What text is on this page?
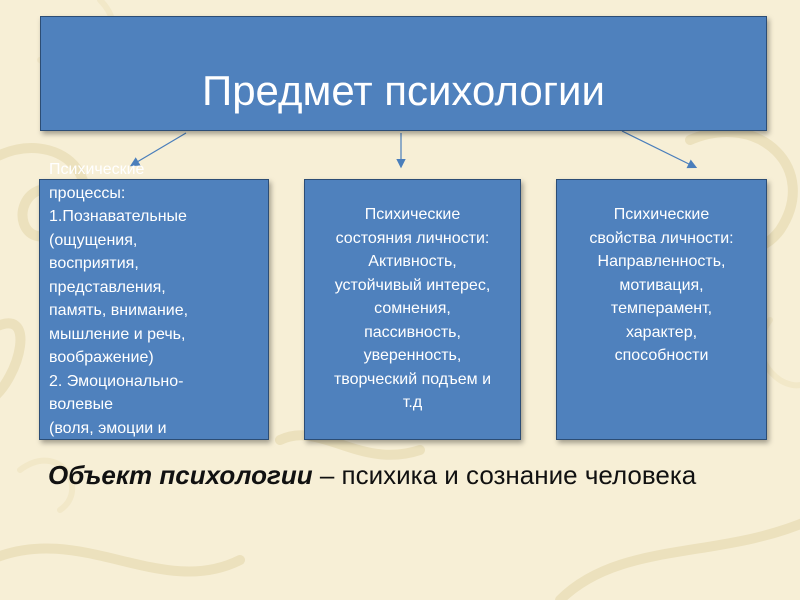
Предмет психологии
Психические
процессы:
1.Познавательные
(ощущения,
восприятия,
представления,
память, внимание,
мышление и речь,
воображение)
2. Эмоционально-
волевые
(воля, эмоции и
Психические
состояния личности:
Активность,
устойчивый интерес,
сомнения,
пассивность,
уверенность,
творческий подъем и
т.д
Психические
свойства личности:
Направленность,
мотивация,
темперамент,
характер,
способности
Объект психологии – психика и сознание человека
